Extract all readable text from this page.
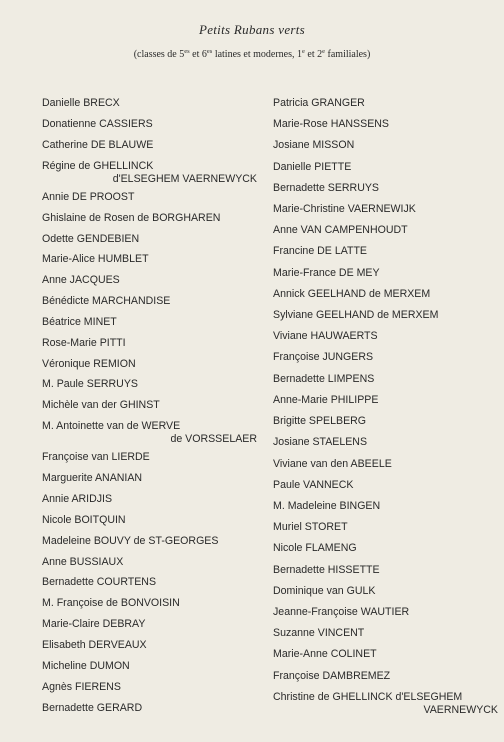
Petits Rubans verts
(classes de $5^{es}$ et $6^{es}$ latines et modernes, 1e et 2e familiales)
Danielle BRECX
Donatienne CASSIERS
Catherine DE BLAUWE
Régine de GHELLINCK
d'ELSEGHEM VAERNEWYCK
Annie DE PROOST
Ghislaine de Rosen de BORGHAREN
Odette GENDEBIEN
Marie-Alice HUMBLET
Anne JACQUES
Bénédicte MARCHANDISE
Béatrice MINET
Rose-Marie PITTI
Véronique REMION
M. Paule SERRUYS
Michèle van der GHINST
M. Antoinette van de WERVE
de VORSSELAER
Françoise van LIERDE
Marguerite ANANIAN
Annie ARIDJIS
Nicole BOITQUIN
Madeleine BOUVY de ST-GEORGES
Anne BUSSIAUX
Bernadette COURTENS
M. Françoise de BONVOISIN
Marie-Claire DEBRAY
Elisabeth DERVEAUX
Micheline DUMON
Agnès FIERENS
Bernadette GERARD
Patricia GRANGER
Marie-Rose HANSSENS
Josiane MISSON
Danielle PIETTE
Bernadette SERRUYS
Marie-Christine VAERNEWIJK
Anne VAN CAMPENHOUDT
Francine DE LATTE
Marie-France DE MEY
Annick GEELHAND de MERXEM
Sylviane GEELHAND de MERXEM
Viviane HAUWAERTS
Françoise JUNGERS
Bernadette LIMPENS
Anne-Marie PHILIPPE
Brigitte SPELBERG
Josiane STAELENS
Viviane van den ABEELE
Paule VANNECK
M. Madeleine BINGEN
Muriel STORET
Nicole FLAMENG
Bernadette HISSETTE
Dominique van GULK
Jeanne-Françoise WAUTIER
Suzanne VINCENT
Marie-Anne COLINET
Françoise DAMBREMEZ
Christine de GHELLINCK d'ELSEGHEM
VAERNEWYCK
